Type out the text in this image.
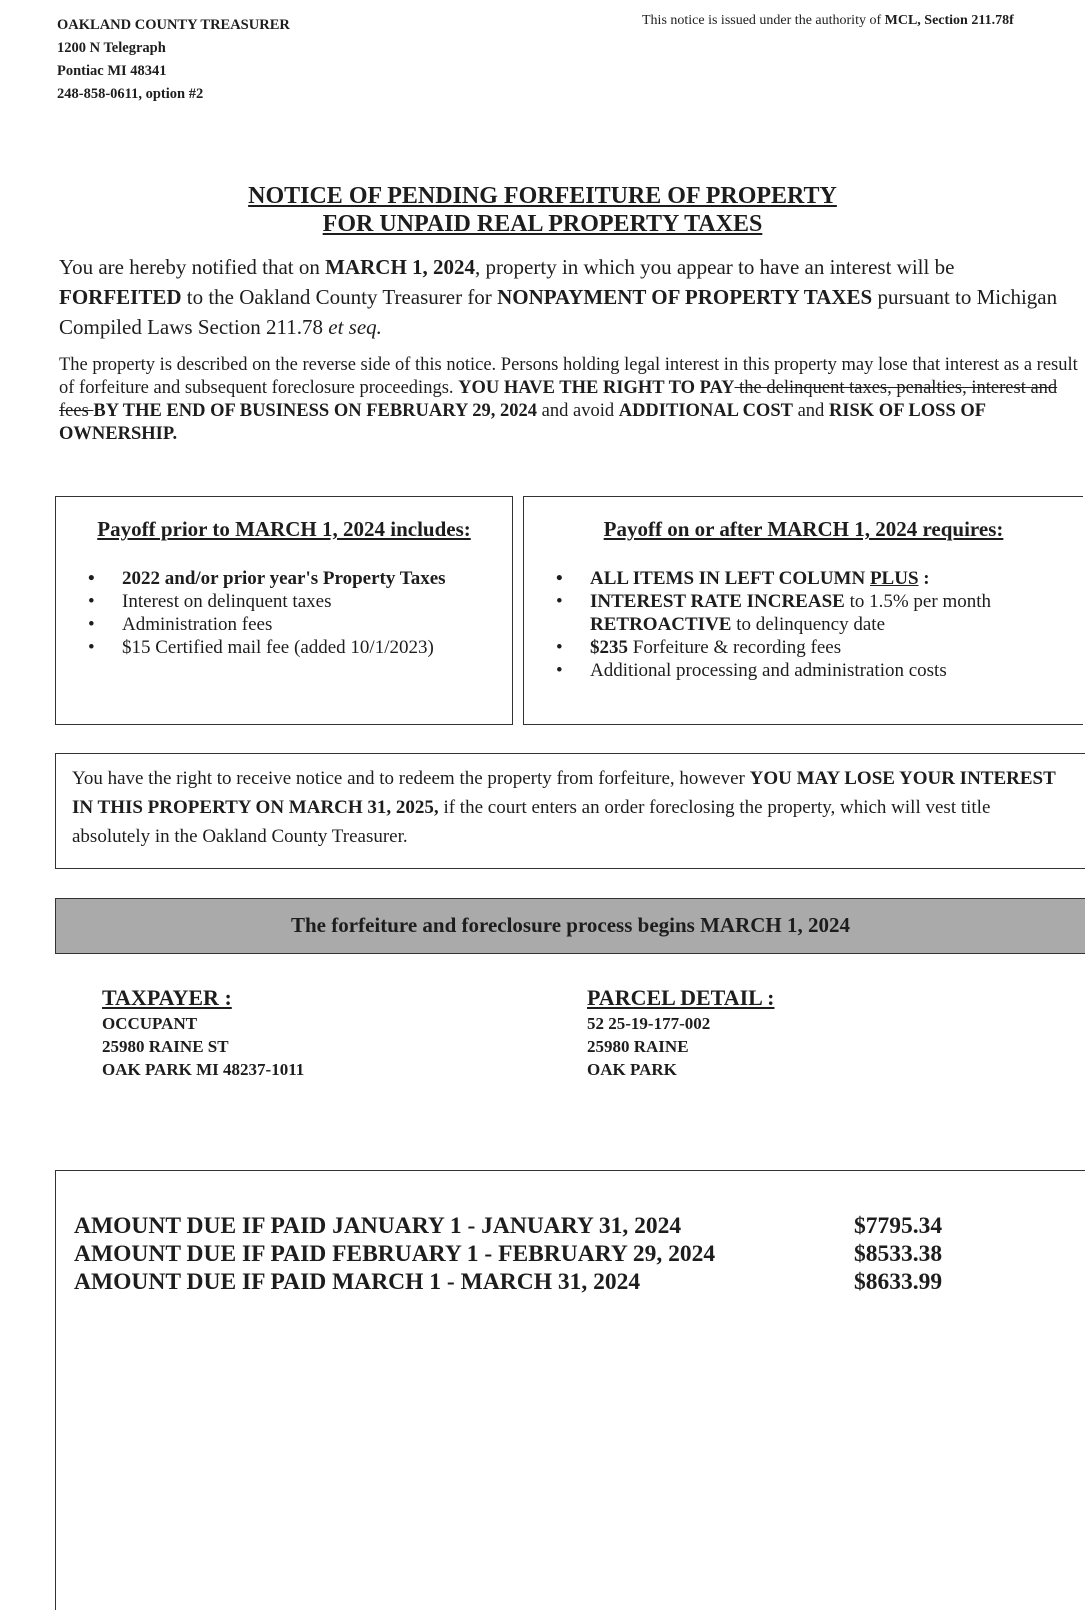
OAKLAND COUNTY TREASURER
1200 N Telegraph
Pontiac MI 48341
248-858-0611, option #2
This notice is issued under the authority of MCL, Section 211.78f
NOTICE OF PENDING FORFEITURE OF PROPERTY
FOR UNPAID REAL PROPERTY TAXES
You are hereby notified that on MARCH 1, 2024, property in which you appear to have an interest will be FORFEITED to the Oakland County Treasurer for NONPAYMENT OF PROPERTY TAXES pursuant to Michigan Compiled Laws Section 211.78 et seq.
The property is described on the reverse side of this notice. Persons holding legal interest in this property may lose that interest as a result of forfeiture and subsequent foreclosure proceedings. YOU HAVE THE RIGHT TO PAY the delinquent taxes, penalties, interest and fees BY THE END OF BUSINESS ON FEBRUARY 29, 2024 and avoid ADDITIONAL COST and RISK OF LOSS OF OWNERSHIP.
Payoff prior to MARCH 1, 2024 includes:
• 2022 and/or prior year's Property Taxes
• Interest on delinquent taxes
• Administration fees
• $15 Certified mail fee (added 10/1/2023)
Payoff on or after MARCH 1, 2024 requires:
• ALL ITEMS IN LEFT COLUMN PLUS :
• INTEREST RATE INCREASE to 1.5% per month RETROACTIVE to delinquency date
• $235 Forfeiture & recording fees
• Additional processing and administration costs
You have the right to receive notice and to redeem the property from forfeiture, however YOU MAY LOSE YOUR INTEREST IN THIS PROPERTY ON MARCH 31, 2025, if the court enters an order foreclosing the property, which will vest title absolutely in the Oakland County Treasurer.
The forfeiture and foreclosure process begins MARCH 1, 2024
TAXPAYER :
OCCUPANT
25980 RAINE ST
OAK PARK MI 48237-1011
PARCEL DETAIL :
52 25-19-177-002
25980 RAINE
OAK PARK
AMOUNT DUE IF PAID JANUARY 1 - JANUARY 31, 2024	$7795.34
AMOUNT DUE IF PAID FEBRUARY 1 - FEBRUARY 29, 2024	$8533.38
AMOUNT DUE IF PAID MARCH 1 - MARCH 31, 2024	$8633.99
